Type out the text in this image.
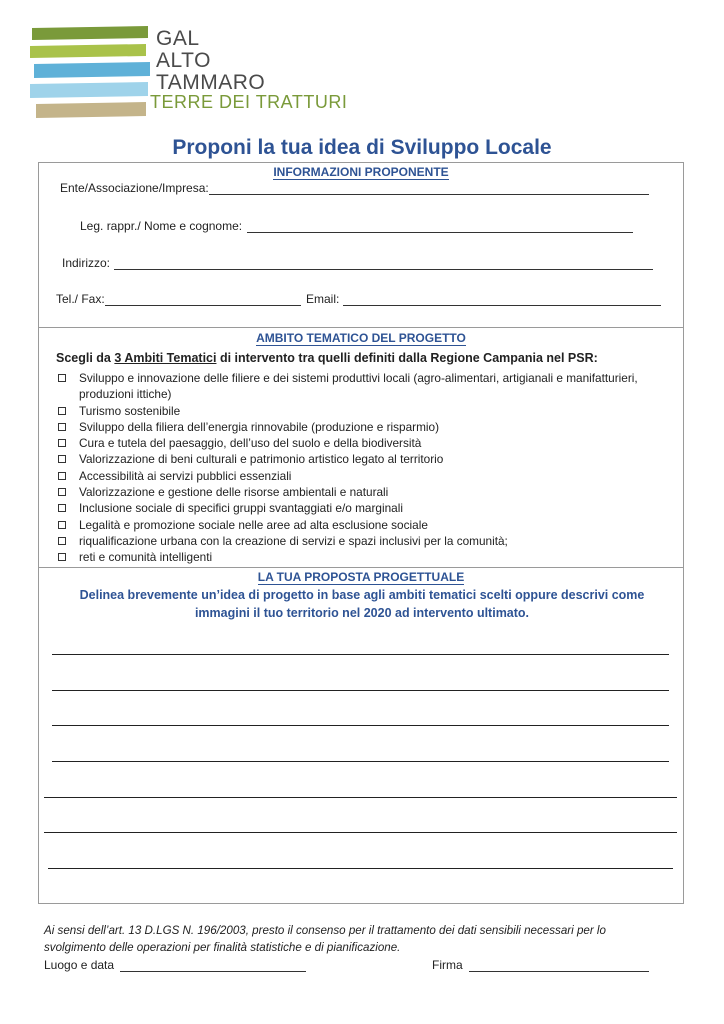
GAL
ALTO
TAMMARO
TERRE DEI TRATTURI
Proponi la tua idea di Sviluppo Locale
INFORMAZIONI PROPONENTE
Ente/Associazione/Impresa:
Leg. rappr./ Nome e cognome:
Indirizzo:
Tel./ Fax:	Email:
AMBITO TEMATICO DEL PROGETTO
Scegli da 3 Ambiti Tematici di intervento tra quelli definiti dalla Regione Campania nel PSR:
Sviluppo e innovazione delle filiere e dei sistemi produttivi locali (agro-alimentari, artigianali e manifatturieri, produzioni ittiche)
Turismo sostenibile
Sviluppo della filiera dell’energia rinnovabile (produzione e risparmio)
Cura e tutela del paesaggio, dell’uso del suolo e della biodiversità
Valorizzazione di beni culturali e patrimonio artistico legato al territorio
Accessibilità ai servizi pubblici essenziali
Valorizzazione e gestione delle risorse ambientali e naturali
Inclusione sociale di specifici gruppi svantaggiati e/o marginali
Legalità e promozione sociale nelle aree ad alta esclusione sociale
riqualificazione urbana con la creazione di servizi e spazi inclusivi per la comunità;
reti e comunità intelligenti
LA TUA PROPOSTA PROGETTUALE
Delinea brevemente un’idea di progetto in base agli ambiti tematici scelti oppure descrivi come immagini il tuo territorio nel 2020 ad intervento ultimato.
Ai sensi dell’art. 13 D.LGS N. 196/2003, presto il consenso per il trattamento dei dati sensibili necessari per lo svolgimento delle operazioni per finalità statistiche e di pianificazione.
Luogo e data	Firma
